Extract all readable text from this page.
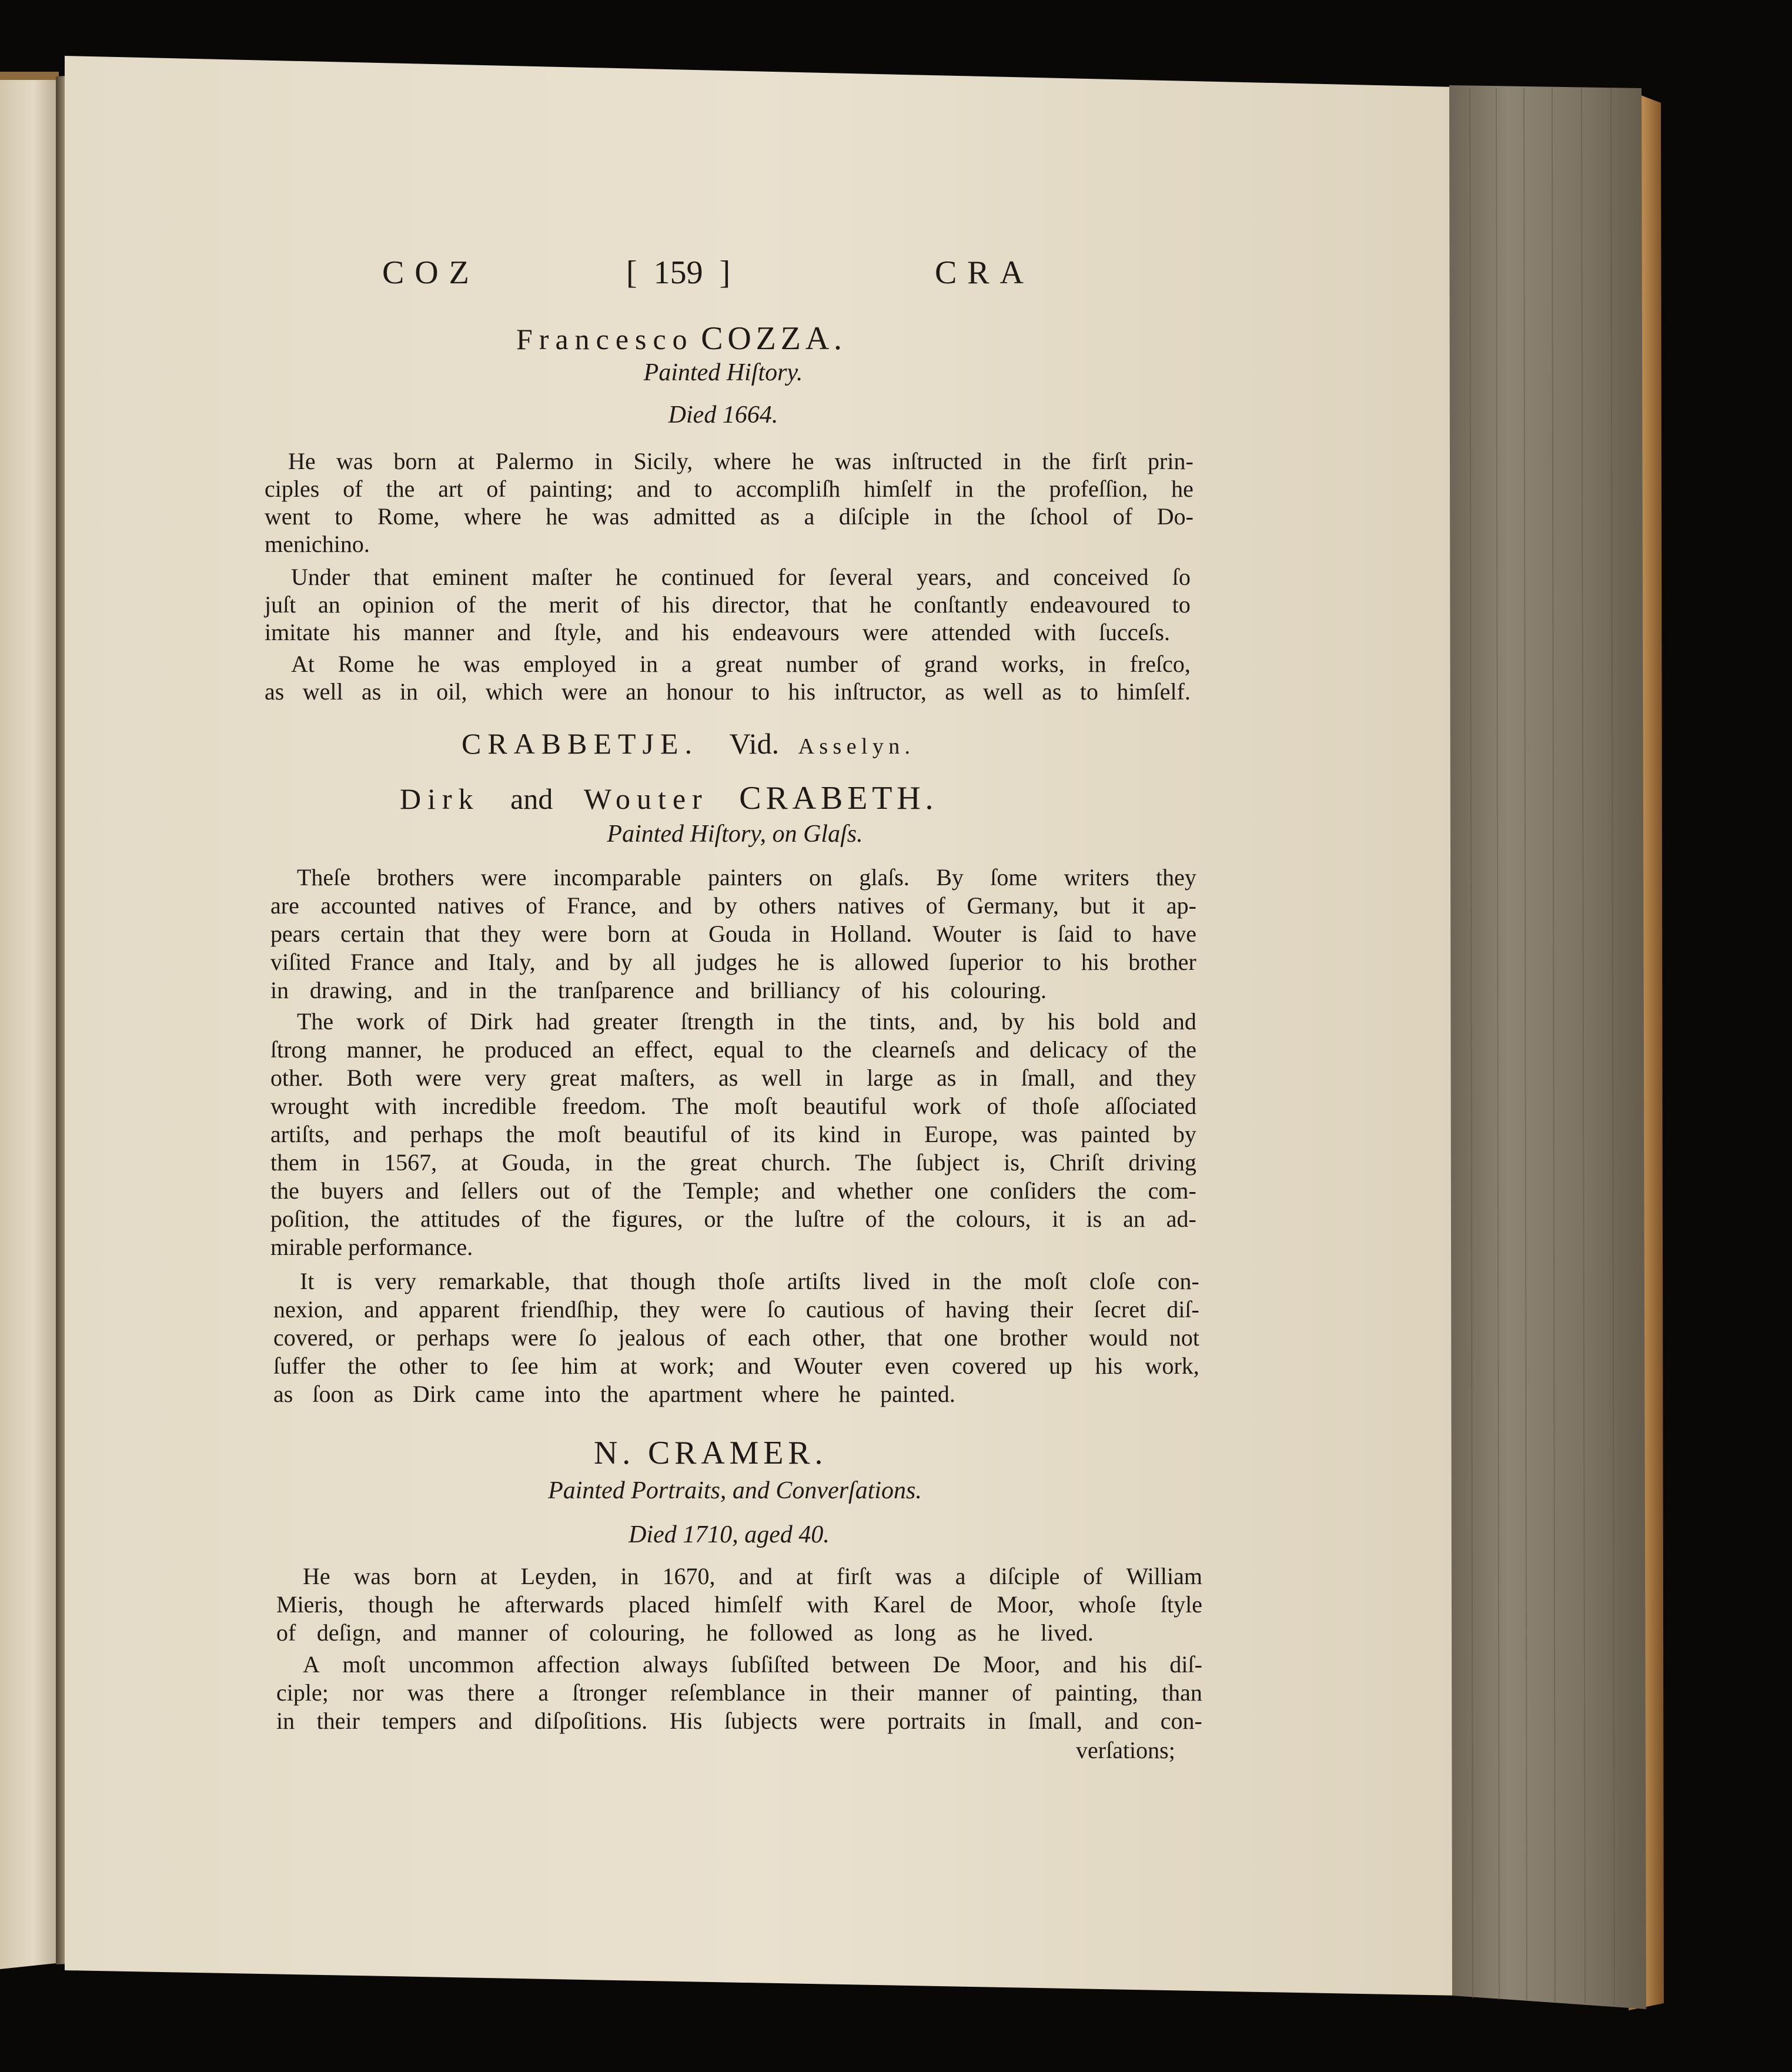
COZ	[ 159 ]	CRA
Francesco COZZA.
Painted Hiſtory.
Died 1664.
He was born at Palermo in Sicily, where he was inſtructed in the firſt prin-
ciples of the art of painting; and to accompliſh himſelf in the profeſſion, he
went to Rome, where he was admitted as a diſciple in the ſchool of Do-
menichino.
Under that eminent maſter he continued for ſeveral years, and conceived ſo
juſt an opinion of the merit of his director, that he conſtantly endeavoured to
imitate his manner and ſtyle, and his endeavours were attended with ſucceſs.
At Rome he was employed in a great number of grand works, in freſco,
as well as in oil, which were an honour to his inſtructor, as well as to himſelf.
CRABBETJE. Vid. Asselyn.
Dirk and Wouter CRABETH.
Painted Hiſtory, on Glaſs.
Theſe brothers were incomparable painters on glaſs. By ſome writers they
are accounted natives of France, and by others natives of Germany, but it ap-
pears certain that they were born at Gouda in Holland. Wouter is ſaid to have
viſited France and Italy, and by all judges he is allowed ſuperior to his brother
in drawing, and in the tranſparence and brilliancy of his colouring.
The work of Dirk had greater ſtrength in the tints, and, by his bold and
ſtrong manner, he produced an effect, equal to the clearneſs and delicacy of the
other. Both were very great maſters, as well in large as in ſmall, and they
wrought with incredible freedom. The moſt beautiful work of thoſe aſſociated
artiſts, and perhaps the moſt beautiful of its kind in Europe, was painted by
them in 1567, at Gouda, in the great church. The ſubject is, Chriſt driving
the buyers and ſellers out of the Temple; and whether one conſiders the com-
poſition, the attitudes of the figures, or the luſtre of the colours, it is an ad-
mirable performance.
It is very remarkable, that though thoſe artiſts lived in the moſt cloſe con-
nexion, and apparent friendſhip, they were ſo cautious of having their ſecret diſ-
covered, or perhaps were ſo jealous of each other, that one brother would not
ſuffer the other to ſee him at work; and Wouter even covered up his work,
as ſoon as Dirk came into the apartment where he painted.
N. CRAMER.
Painted Portraits, and Converſations.
Died 1710, aged 40.
He was born at Leyden, in 1670, and at firſt was a diſciple of William
Mieris, though he afterwards placed himſelf with Karel de Moor, whoſe ſtyle
of deſign, and manner of colouring, he followed as long as he lived.
A moſt uncommon affection always ſubſiſted between De Moor, and his diſ-
ciple; nor was there a ſtronger reſemblance in their manner of painting, than
in their tempers and diſpoſitions. His ſubjects were portraits in ſmall, and con-
verſations;
